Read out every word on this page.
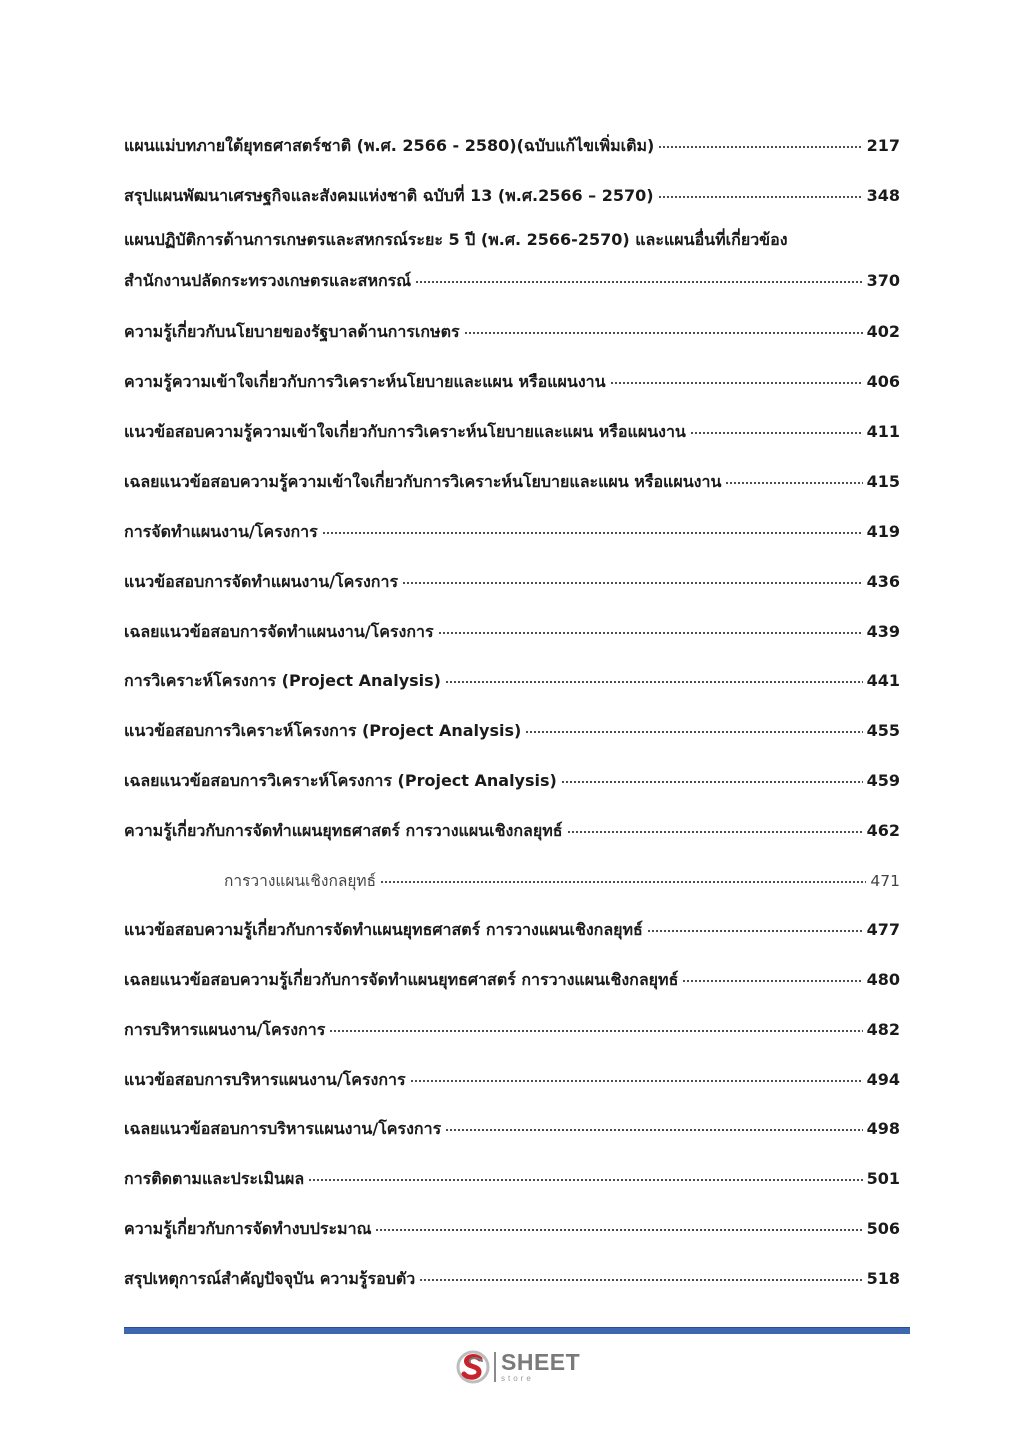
แผนแม่บทภายใต้ยุทธศาสตร์ชาติ (พ.ศ. 2566 - 2580)(ฉบับแก้ไขเพิ่มเติม)	217
สรุปแผนพัฒนาเศรษฐกิจและสังคมแห่งชาติ ฉบับที่ 13 (พ.ศ.2566 – 2570)	348
แผนปฏิบัติการด้านการเกษตรและสหกรณ์ระยะ 5 ปี (พ.ศ. 2566-2570) และแผนอื่นที่เกี่ยวข้อง
สำนักงานปลัดกระทรวงเกษตรและสหกรณ์	370
ความรู้เกี่ยวกับนโยบายของรัฐบาลด้านการเกษตร	402
ความรู้ความเข้าใจเกี่ยวกับการวิเคราะห์นโยบายและแผน หรือแผนงาน	406
แนวข้อสอบความรู้ความเข้าใจเกี่ยวกับการวิเคราะห์นโยบายและแผน หรือแผนงาน	411
เฉลยแนวข้อสอบความรู้ความเข้าใจเกี่ยวกับการวิเคราะห์นโยบายและแผน หรือแผนงาน	415
การจัดทำแผนงาน/โครงการ	419
แนวข้อสอบการจัดทำแผนงาน/โครงการ	436
เฉลยแนวข้อสอบการจัดทำแผนงาน/โครงการ	439
การวิเคราะห์โครงการ (Project Analysis)	441
แนวข้อสอบการวิเคราะห์โครงการ (Project Analysis)	455
เฉลยแนวข้อสอบการวิเคราะห์โครงการ (Project Analysis)	459
ความรู้เกี่ยวกับการจัดทำแผนยุทธศาสตร์ การวางแผนเชิงกลยุทธ์	462
การวางแผนเชิงกลยุทธ์	471
แนวข้อสอบความรู้เกี่ยวกับการจัดทำแผนยุทธศาสตร์ การวางแผนเชิงกลยุทธ์	477
เฉลยแนวข้อสอบความรู้เกี่ยวกับการจัดทำแผนยุทธศาสตร์ การวางแผนเชิงกลยุทธ์	480
การบริหารแผนงาน/โครงการ	482
แนวข้อสอบการบริหารแผนงาน/โครงการ	494
เฉลยแนวข้อสอบการบริหารแผนงาน/โครงการ	498
การติดตามและประเมินผล	501
ความรู้เกี่ยวกับการจัดทำงบประมาณ	506
สรุปเหตุการณ์สำคัญปัจจุบัน ความรู้รอบตัว	518
SHEET
store
